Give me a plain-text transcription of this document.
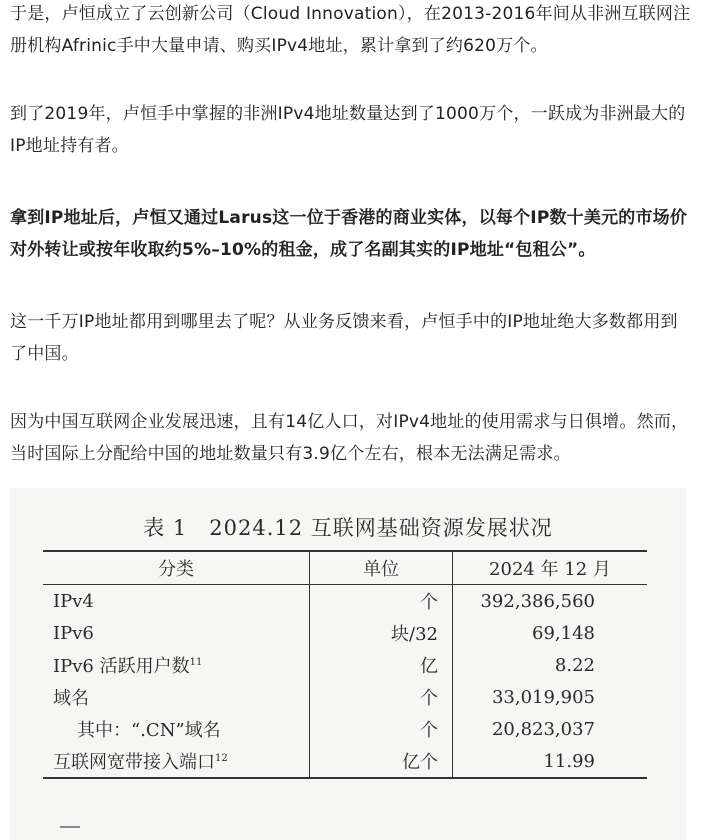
于是，卢恒成立了云创新公司（Cloud Innovation），在2013-2016年间从非洲互联网注册机构Afrinic手中大量申请、购买IPv4地址，累计拿到了约620万个。

到了2019年，卢恒手中掌握的非洲IPv4地址数量达到了1000万个，一跃成为非洲最大的IP地址持有者。

拿到IP地址后，卢恒又通过Larus这一位于香港的商业实体，以每个IP数十美元的市场价对外转让或按年收取约5%–10%的租金，成了名副其实的IP地址“包租公”。

这一千万IP地址都用到哪里去了呢？从业务反馈来看，卢恒手中的IP地址绝大多数都用到了中国。

因为中国互联网企业发展迅速，且有14亿人口，对IPv4地址的使用需求与日俱增。然而，当时国际上分配给中国的地址数量只有3.9亿个左右，根本无法满足需求。

表 1　2024.12 互联网基础资源发展状况
分类	单位	2024 年 12 月
IPv4	个	392,386,560
IPv6	块/32	69,148
IPv6 活跃用户数$^{11}$	亿	8.22
域名	个	33,019,905
其中：“.CN”域名	个	20,823,037
互联网宽带接入端口$^{12}$	亿个	11.99
